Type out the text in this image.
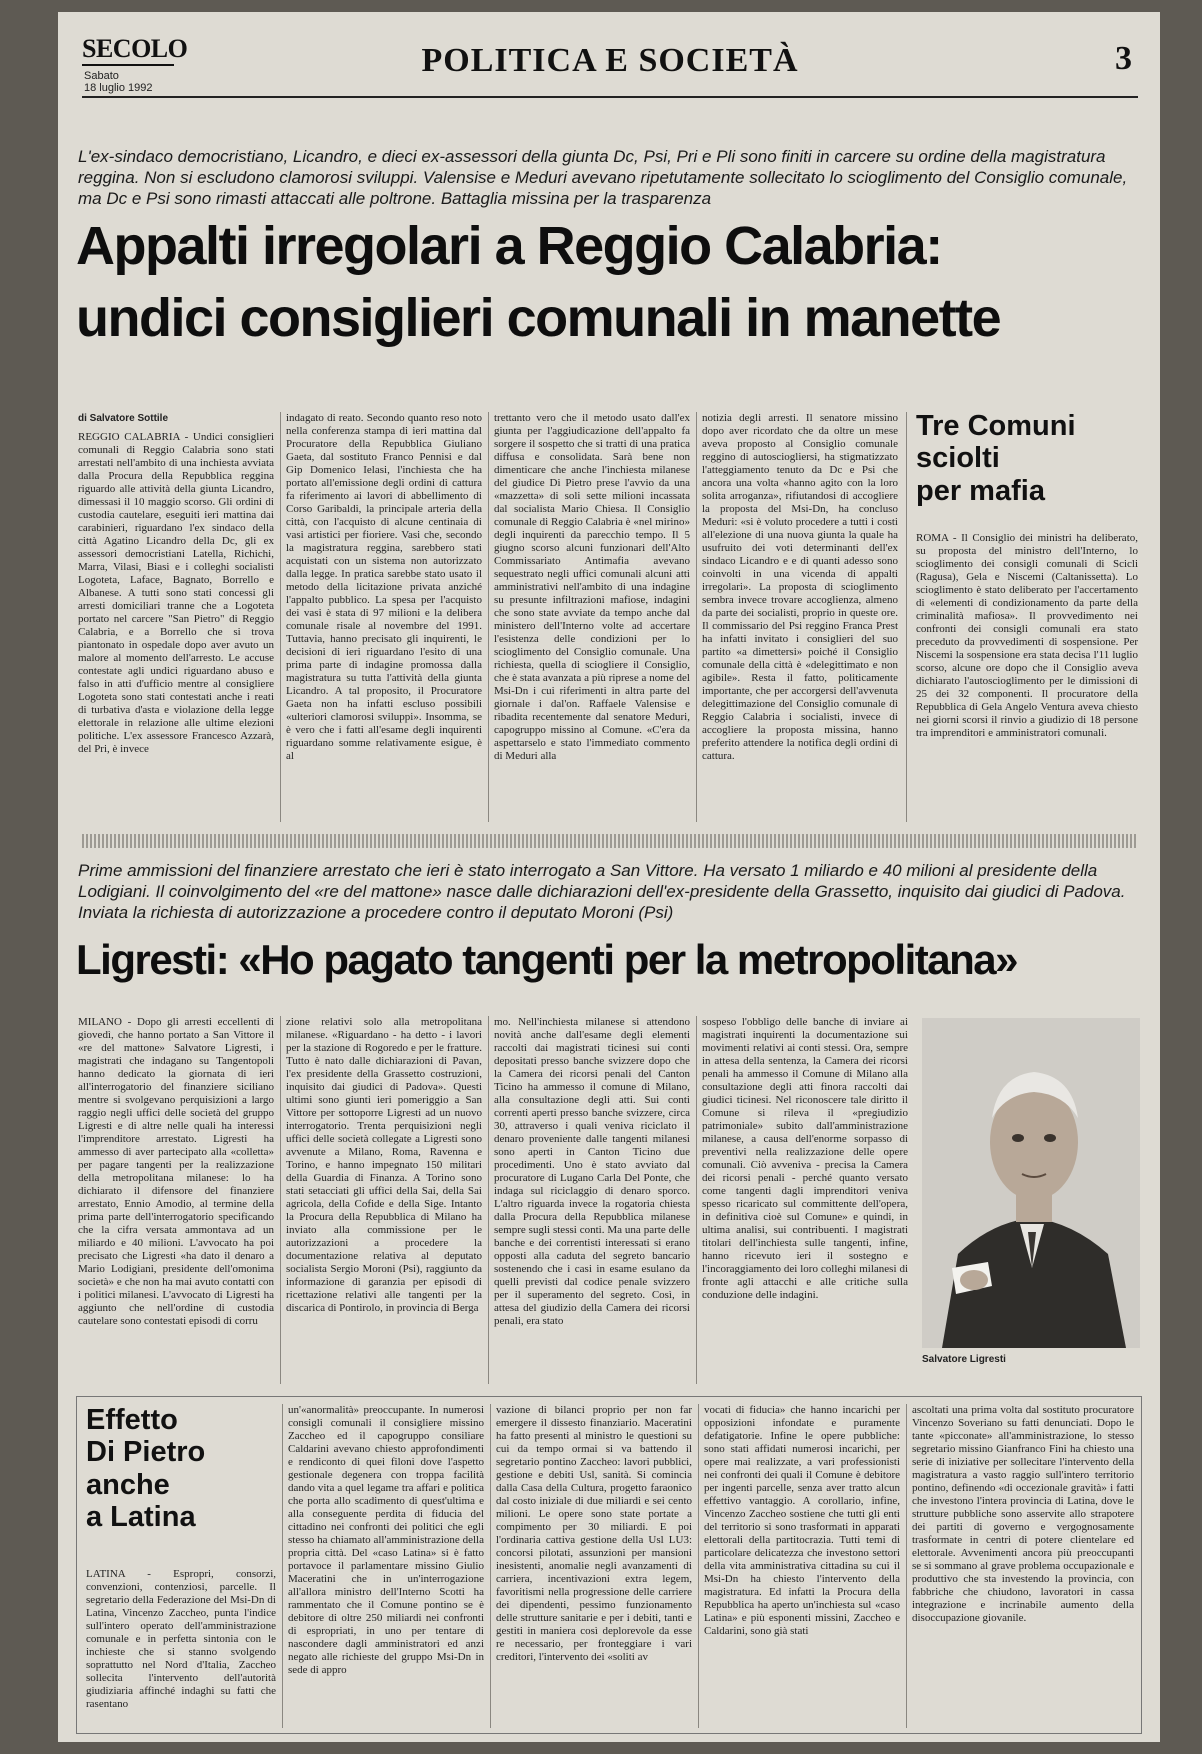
SECOLO
Sabato
18 luglio 1992
POLITICA E SOCIETÀ	3
L'ex-sindaco democristiano, Licandro, e dieci ex-assessori della giunta Dc, Psi, Pri e Pli sono finiti in carcere su ordine della magistratura reggina. Non si escludono clamorosi sviluppi. Valensise e Meduri avevano ripetutamente sollecitato lo scioglimento del Consiglio comunale, ma Dc e Psi sono rimasti attaccati alle poltrone. Battaglia missina per la trasparenza
Appalti irregolari a Reggio Calabria:
undici consiglieri comunali in manette
di Salvatore Sottile
REGGIO CALABRIA - Undici consiglieri comunali di Reggio Calabria sono stati arrestati nell'ambito di una inchiesta avviata dalla Procura della Repubblica reggina riguardo alle attività della giunta Licandro, dimessasi il 10 maggio scorso. Gli ordini di custodia cautelare, eseguiti ieri mattina dai carabinieri, riguardano l'ex sindaco della città Agatino Licandro della Dc, gli ex assessori democristiani Latella, Richichi, Marra, Vilasi, Biasi e i colleghi socialisti Logoteta, Laface, Bagnato, Borrello e Albanese. A tutti sono stati concessi gli arresti domiciliari tranne che a Logoteta portato nel carcere "San Pietro" di Reggio Calabria, e a Borrello che si trova piantonato in ospedale dopo aver avuto un malore al momento dell'arresto. Le accuse contestate agli undici riguardano abuso e falso in atti d'ufficio mentre al consigliere Logoteta sono stati contestati anche i reati di turbativa d'asta e violazione della legge elettorale in relazione alle ultime elezioni politiche. L'ex assessore Francesco Azzarà, del Pri, è invece
indagato di reato. Secondo quanto reso noto nella conferenza stampa di ieri mattina dal Procuratore della Repubblica Giuliano Gaeta, dal sostituto Franco Pennisi e dal Gip Domenico Ielasi, l'inchiesta che ha portato all'emissione degli ordini di cattura fa riferimento ai lavori di abbellimento di Corso Garibaldi, la principale arteria della città, con l'acquisto di alcune centinaia di vasi artistici per fioriere. Vasi che, secondo la magistratura reggina, sarebbero stati acquistati con un sistema non autorizzato dalla legge. In pratica sarebbe stato usato il metodo della licitazione privata anziché l'appalto pubblico. La spesa per l'acquisto dei vasi è stata di 97 milioni e la delibera comunale risale al novembre del 1991. Tuttavia, hanno precisato gli inquirenti, le decisioni di ieri riguardano l'esito di una prima parte di indagine promossa dalla magistratura su tutta l'attività della giunta Licandro. A tal proposito, il Procuratore Gaeta non ha infatti escluso possibili «ulteriori clamorosi sviluppi». Insomma, se è vero che i fatti all'esame degli inquirenti riguardano somme relativamente esigue, è al
trettanto vero che il metodo usato dall'ex giunta per l'aggiudicazione dell'appalto fa sorgere il sospetto che si tratti di una pratica diffusa e consolidata. Sarà bene non dimenticare che anche l'inchiesta milanese del giudice Di Pietro prese l'avvio da una «mazzetta» di soli sette milioni incassata dal socialista Mario Chiesa. Il Consiglio comunale di Reggio Calabria è «nel mirino» degli inquirenti da parecchio tempo. Il 5 giugno scorso alcuni funzionari dell'Alto Commissariato Antimafia avevano sequestrato negli uffici comunali alcuni atti amministrativi nell'ambito di una indagine su presunte infiltrazioni mafiose, indagini che sono state avviate da tempo anche dal ministero dell'Interno volte ad accertare l'esistenza delle condizioni per lo scioglimento del Consiglio comunale. Una richiesta, quella di sciogliere il Consiglio, che è stata avanzata a più riprese a nome del Msi-Dn i cui riferimenti in altra parte del giornale i dal'on. Raffaele Valensise e ribadita recentemente dal senatore Meduri, capogruppo missino al Comune. «C'era da aspettarselo e stato l'immediato commento di Meduri alla
notizia degli arresti. Il senatore missino dopo aver ricordato che da oltre un mese aveva proposto al Consiglio comunale reggino di autosciogliersi, ha stigmatizzato l'atteggiamento tenuto da Dc e Psi che ancora una volta «hanno agito con la loro solita arroganza», rifiutandosi di accogliere la proposta del Msi-Dn, ha concluso Meduri: «si è voluto procedere a tutti i costi all'elezione di una nuova giunta la quale ha usufruito dei voti determinanti dell'ex sindaco Licandro e e di quanti adesso sono coinvolti in una vicenda di appalti irregolari». La proposta di scioglimento sembra invece trovare accoglienza, almeno da parte dei socialisti, proprio in queste ore. Il commissario del Psi reggino Franca Prest ha infatti invitato i consiglieri del suo partito «a dimettersi» poiché il Consiglio comunale della città è «delegittimato e non agibile». Resta il fatto, politicamente importante, che per accorgersi dell'avvenuta delegittimazione del Consiglio comunale di Reggio Calabria i socialisti, invece di accogliere la proposta missina, hanno preferito attendere la notifica degli ordini di cattura.
Tre Comuni
sciolti
per mafia
ROMA - Il Consiglio dei ministri ha deliberato, su proposta del ministro dell'Interno, lo scioglimento dei consigli comunali di Scicli (Ragusa), Gela e Niscemi (Caltanissetta). Lo scioglimento è stato deliberato per l'accertamento di «elementi di condizionamento da parte della criminalità mafiosa». Il provvedimento nei confronti dei consigli comunali era stato preceduto da provvedimenti di sospensione. Per Niscemi la sospensione era stata decisa l'11 luglio scorso, alcune ore dopo che il Consiglio aveva dichiarato l'autoscioglimento per le dimissioni di 25 dei 32 componenti. Il procuratore della Repubblica di Gela Angelo Ventura aveva chiesto nei giorni scorsi il rinvio a giudizio di 18 persone tra imprenditori e amministratori comunali.
Prime ammissioni del finanziere arrestato che ieri è stato interrogato a San Vittore. Ha versato 1 miliardo e 40 milioni al presidente della Lodigiani. Il coinvolgimento del «re del mattone» nasce dalle dichiarazioni dell'ex-presidente della Grassetto, inquisito dai giudici di Padova. Inviata la richiesta di autorizzazione a procedere contro il deputato Moroni (Psi)
Ligresti: «Ho pagato tangenti per la metropolitana»
MILANO - Dopo gli arresti eccellenti di giovedì, che hanno portato a San Vittore il «re del mattone» Salvatore Ligresti, i magistrati che indagano su Tangentopoli hanno dedicato la giornata di ieri all'interrogatorio del finanziere siciliano mentre si svolgevano perquisizioni a largo raggio negli uffici delle società del gruppo Ligresti e di altre nelle quali ha interessi l'imprenditore arrestato. Ligresti ha ammesso di aver partecipato alla «colletta» per pagare tangenti per la realizzazione della metropolitana milanese: lo ha dichiarato il difensore del finanziere arrestato, Ennio Amodio, al termine della prima parte dell'interrogatorio specificando che la cifra versata ammontava ad un miliardo e 40 milioni. L'avvocato ha poi precisato che Ligresti «ha dato il denaro a Mario Lodigiani, presidente dell'omonima società» e che non ha mai avuto contatti con i politici milanesi. L'avvocato di Ligresti ha aggiunto che nell'ordine di custodia cautelare sono contestati episodi di corru
zione relativi solo alla metropolitana milanese. «Riguardano - ha detto - i lavori per la stazione di Rogoredo e per le fratture. Tutto è nato dalle dichiarazioni di Pavan, l'ex presidente della Grassetto costruzioni, inquisito dai giudici di Padova». Questi ultimi sono giunti ieri pomeriggio a San Vittore per sottoporre Ligresti ad un nuovo interrogatorio. Trenta perquisizioni negli uffici delle società collegate a Ligresti sono avvenute a Milano, Roma, Ravenna e Torino, e hanno impegnato 150 militari della Guardia di Finanza. A Torino sono stati setacciati gli uffici della Sai, della Sai agricola, della Cofide e della Sige. Intanto la Procura della Repubblica di Milano ha inviato alla commissione per le autorizzazioni a procedere la documentazione relativa al deputato socialista Sergio Moroni (Psi), raggiunto da informazione di garanzia per episodi di ricettazione relativi alle tangenti per la discarica di Pontirolo, in provincia di Berga
mo. Nell'inchiesta milanese si attendono novità anche dall'esame degli elementi raccolti dai magistrati ticinesi sui conti depositati presso banche svizzere dopo che la Camera dei ricorsi penali del Canton Ticino ha ammesso il comune di Milano, alla consultazione degli atti. Sui conti correnti aperti presso banche svizzere, circa 30, attraverso i quali veniva riciclato il denaro proveniente dalle tangenti milanesi sono aperti in Canton Ticino due procedimenti. Uno è stato avviato dal procuratore di Lugano Carla Del Ponte, che indaga sul riciclaggio di denaro sporco. L'altro riguarda invece la rogatoria chiesta dalla Procura della Repubblica milanese sempre sugli stessi conti. Ma una parte delle banche e dei correntisti interessati si erano opposti alla caduta del segreto bancario sostenendo che i casi in esame esulano da quelli previsti dal codice penale svizzero per il superamento del segreto. Così, in attesa del giudizio della Camera dei ricorsi penali, era stato
sospeso l'obbligo delle banche di inviare ai magistrati inquirenti la documentazione sui movimenti relativi ai conti stessi. Ora, sempre in attesa della sentenza, la Camera dei ricorsi penali ha ammesso il Comune di Milano alla consultazione degli atti finora raccolti dai giudici ticinesi. Nel riconoscere tale diritto il Comune si rileva il «pregiudizio patrimoniale» subito dall'amministrazione milanese, a causa dell'enorme sorpasso di preventivi nella realizzazione delle opere comunali. Ciò avveniva - precisa la Camera dei ricorsi penali - perché quanto versato come tangenti dagli imprenditori veniva spesso ricaricato sul committente dell'opera, in definitiva cioè sul Comune» e quindi, in ultima analisi, sui contribuenti. I magistrati titolari dell'inchiesta sulle tangenti, infine, hanno ricevuto ieri il sostegno e l'incoraggiamento dei loro colleghi milanesi di fronte agli attacchi e alle critiche sulla conduzione delle indagini.
Salvatore Ligresti
Effetto
Di Pietro
anche
a Latina
LATINA - Espropri, consorzi, convenzioni, contenziosi, parcelle. Il segretario della Federazione del Msi-Dn di Latina, Vincenzo Zaccheo, punta l'indice sull'intero operato dell'amministrazione comunale e in perfetta sintonia con le inchieste che si stanno svolgendo soprattutto nel Nord d'Italia, Zaccheo sollecita l'intervento dell'autorità giudiziaria affinché indaghi su fatti che rasentano
un'«anormalità» preoccupante. In numerosi consigli comunali il consigliere missino Zaccheo ed il capogruppo consiliare Caldarini avevano chiesto approfondimenti e rendiconto di quei filoni dove l'aspetto gestionale degenera con troppa facilità dando vita a quel legame tra affari e politica che porta allo scadimento di quest'ultima e alla conseguente perdita di fiducia del cittadino nei confronti dei politici che egli stesso ha chiamato all'amministrazione della propria città. Del «caso Latina» si è fatto portavoce il parlamentare missino Giulio Maceratini che in un'interrogazione all'allora ministro dell'Interno Scotti ha rammentato che il Comune pontino se è debitore di oltre 250 miliardi nei confronti di espropriati, in uno per tentare di nascondere dagli amministratori ed anzi negato alle richieste del gruppo Msi-Dn in sede di appro
vazione di bilanci proprio per non far emergere il dissesto finanziario. Maceratini ha fatto presenti al ministro le questioni su cui da tempo ormai si va battendo il segretario pontino Zaccheo: lavori pubblici, gestione e debiti Usl, sanità. Si comincia dalla Casa della Cultura, progetto faraonico dal costo iniziale di due miliardi e sei cento milioni. Le opere sono state portate a compimento per 30 miliardi. E poi l'ordinaria cattiva gestione della Usl LU3: concorsi pilotati, assunzioni per mansioni inesistenti, anomalie negli avanzamenti di carriera, incentivazioni extra legem, favoritismi nella progressione delle carriere dei dipendenti, pessimo funzionamento delle strutture sanitarie e per i debiti, tanti e gestiti in maniera così deplorevole da esse re necessario, per fronteggiare i vari creditori, l'intervento dei «soliti av
vocati di fiducia» che hanno incarichi per opposizioni infondate e puramente defatigatorie. Infine le opere pubbliche: sono stati affidati numerosi incarichi, per opere mai realizzate, a vari professionisti nei confronti dei quali il Comune è debitore per ingenti parcelle, senza aver tratto alcun effettivo vantaggio. A corollario, infine, Vincenzo Zaccheo sostiene che tutti gli enti del territorio si sono trasformati in apparati elettorali della partitocrazia. Tutti temi di particolare delicatezza che investono settori della vita amministrativa cittadina su cui il Msi-Dn ha chiesto l'intervento della magistratura. Ed infatti la Procura della Repubblica ha aperto un'inchiesta sul «caso Latina» e più esponenti missini, Zaccheo e Caldarini, sono già stati
ascoltati una prima volta dal sostituto procuratore Vincenzo Soveriano su fatti denunciati. Dopo le tante «picconate» all'amministrazione, lo stesso segretario missino Gianfranco Fini ha chiesto una serie di iniziative per sollecitare l'intervento della magistratura a vasto raggio sull'intero territorio pontino, definendo «di occezionale gravità» i fatti che investono l'intera provincia di Latina, dove le strutture pubbliche sono asservite allo strapotere dei partiti di governo e vergognosamente trasformate in centri di potere clientelare ed elettorale. Avvenimenti ancora più preoccupanti se si sommano al grave problema occupazionale e produttivo che sta investendo la provincia, con fabbriche che chiudono, lavoratori in cassa integrazione e incrinabile aumento della disoccupazione giovanile.
